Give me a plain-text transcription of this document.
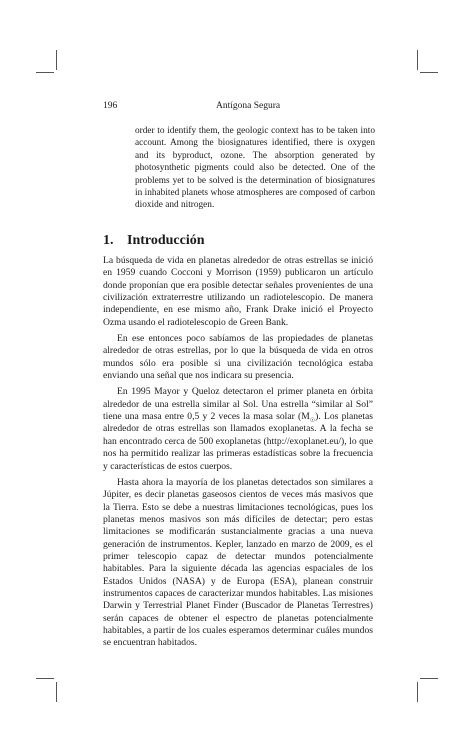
196	Antígona Segura

order to identify them, the geologic context has to be taken into account. Among the biosignatures identified, there is oxygen and its byproduct, ozone. The absorption generated by photosynthetic pigments could also be detected. One of the problems yet to be solved is the determination of biosignatures in inhabited planets whose atmospheres are composed of carbon dioxide and nitrogen.

1. Introducción

La búsqueda de vida en planetas alrededor de otras estrellas se inició en 1959 cuando Cocconi y Morrison (1959) publicaron un artículo donde proponían que era posible detectar señales provenientes de una civilización extraterrestre utilizando un radiotelescopio. De manera independiente, en ese mismo año, Frank Drake inició el Proyecto Ozma usando el radiotelescopio de Green Bank.

En ese entonces poco sabíamos de las propiedades de planetas alrededor de otras estrellas, por lo que la búsqueda de vida en otros mundos sólo era posible si una civilización tecnológica estaba enviando una señal que nos indicara su presencia.

En 1995 Mayor y Queloz detectaron el primer planeta en órbita alrededor de una estrella similar al Sol. Una estrella “similar al Sol” tiene una masa entre 0,5 y 2 veces la masa solar $(M_☉)$. Los planetas alrededor de otras estrellas son llamados exoplanetas. A la fecha se han encontrado cerca de 500 exoplanetas (http://exoplanet.eu/), lo que nos ha permitido realizar las primeras estadísticas sobre la frecuencia y características de estos cuerpos.

Hasta ahora la mayoría de los planetas detectados son similares a Júpiter, es decir planetas gaseosos cientos de veces más masivos que la Tierra. Esto se debe a nuestras limitaciones tecnológicas, pues los planetas menos masivos son más difíciles de detectar; pero estas limitaciones se modificarán sustancialmente gracias a una nueva generación de instrumentos. Kepler, lanzado en marzo de 2009, es el primer telescopio capaz de detectar mundos potencialmente habitables. Para la siguiente década las agencias espaciales de los Estados Unidos (NASA) y de Europa (ESA), planean construir instrumentos capaces de caracterizar mundos habitables. Las misiones Darwin y Terrestrial Planet Finder (Buscador de Planetas Terrestres) serán capaces de obtener el espectro de planetas potencialmente habitables, a partir de los cuales esperamos determinar cuáles mundos se encuentran habitados.
